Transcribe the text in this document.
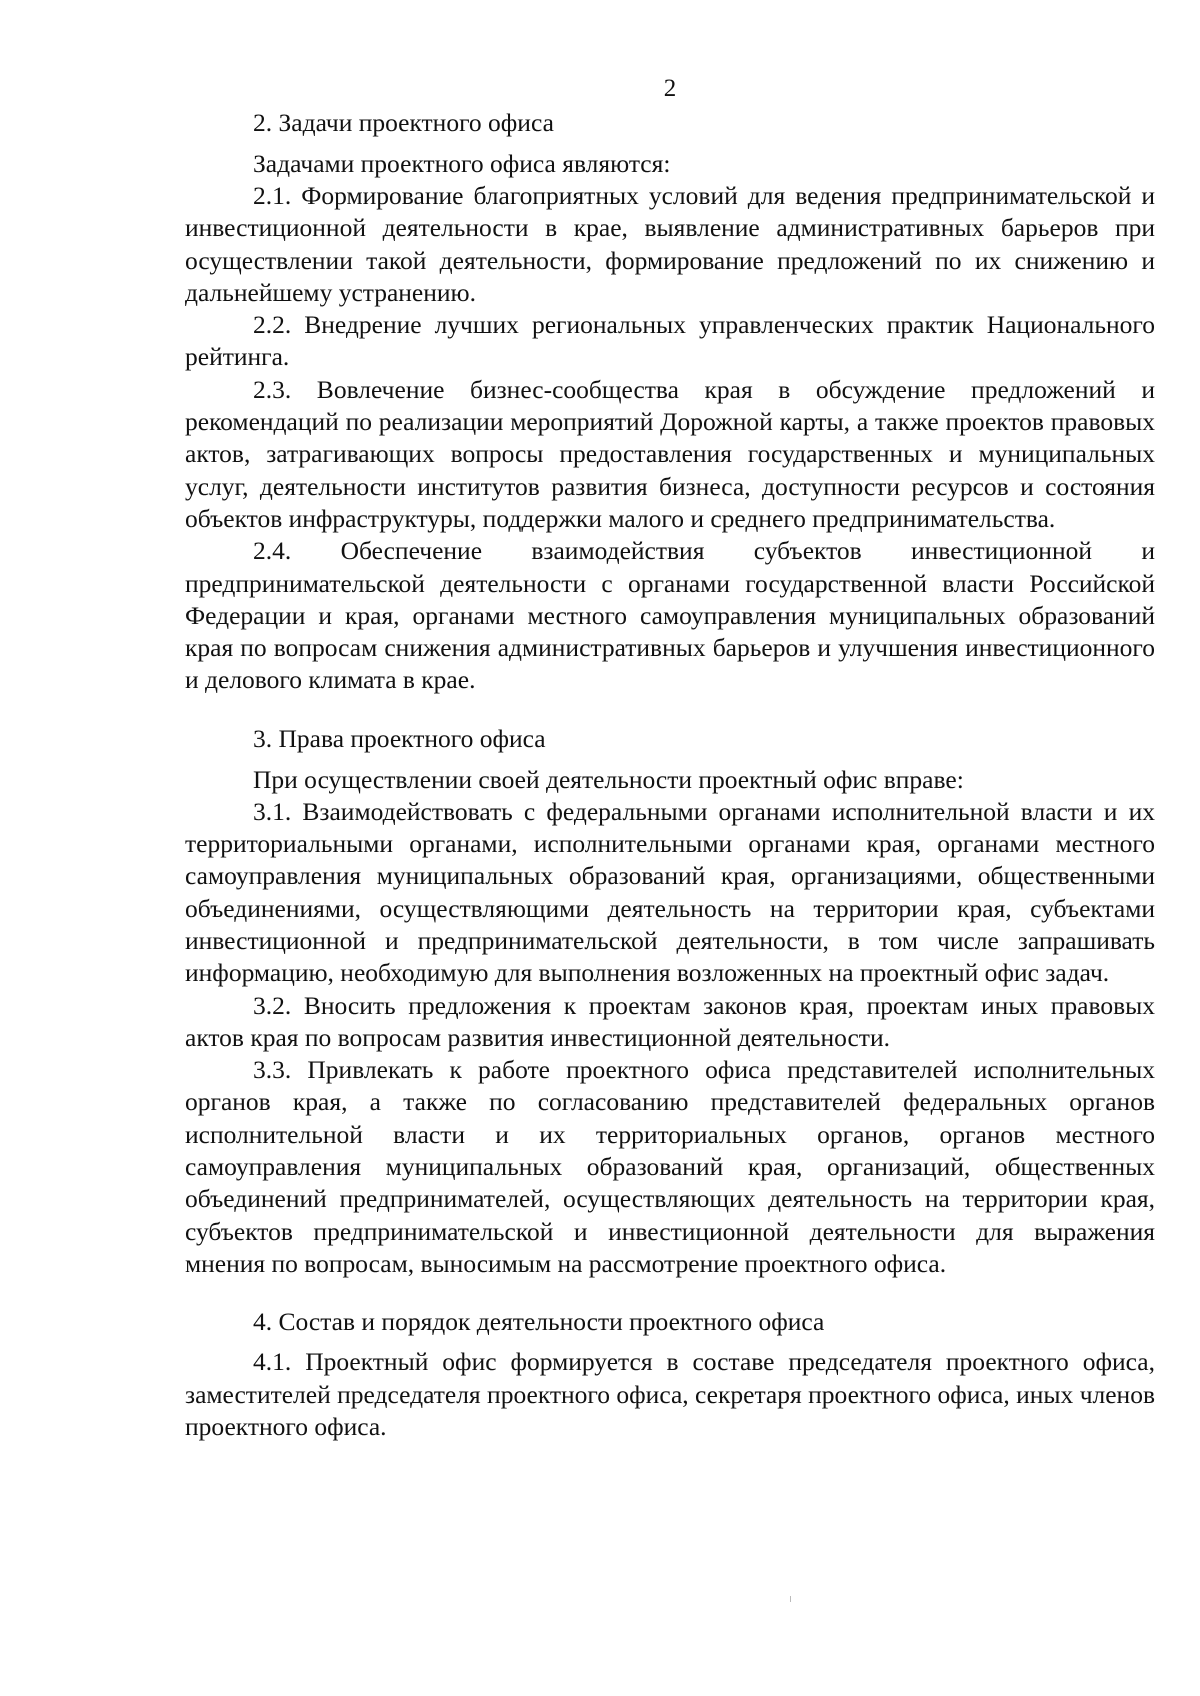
2

2. Задачи проектного офиса

Задачами проектного офиса являются:

2.1. Формирование благоприятных условий для ведения предпринимательской и инвестиционной деятельности в крае, выявление административных барьеров при осуществлении такой деятельности, формирование предложений по их снижению и дальнейшему устранению.

2.2. Внедрение лучших региональных управленческих практик Национального рейтинга.

2.3. Вовлечение бизнес-сообщества края в обсуждение предложений и рекомендаций по реализации мероприятий Дорожной карты, а также проектов правовых актов, затрагивающих вопросы предоставления государственных и муниципальных услуг, деятельности институтов развития бизнеса, доступности ресурсов и состояния объектов инфраструктуры, поддержки малого и среднего предпринимательства.

2.4. Обеспечение взаимодействия субъектов инвестиционной и предпринимательской деятельности с органами государственной власти Российской Федерации и края, органами местного самоуправления муниципальных образований края по вопросам снижения административных барьеров и улучшения инвестиционного и делового климата в крае.

3. Права проектного офиса

При осуществлении своей деятельности проектный офис вправе:

3.1. Взаимодействовать с федеральными органами исполнительной власти и их территориальными органами, исполнительными органами края, органами местного самоуправления муниципальных образований края, организациями, общественными объединениями, осуществляющими деятельность на территории края, субъектами инвестиционной и предпринимательской деятельности, в том числе запрашивать информацию, необходимую для выполнения возложенных на проектный офис задач.

3.2. Вносить предложения к проектам законов края, проектам иных правовых актов края по вопросам развития инвестиционной деятельности.

3.3. Привлекать к работе проектного офиса представителей исполнительных органов края, а также по согласованию представителей федеральных органов исполнительной власти и их территориальных органов, органов местного самоуправления муниципальных образований края, организаций, общественных объединений предпринимателей, осуществляющих деятельность на территории края, субъектов предпринимательской и инвестиционной деятельности для выражения мнения по вопросам, выносимым на рассмотрение проектного офиса.

4. Состав и порядок деятельности проектного офиса

4.1. Проектный офис формируется в составе председателя проектного офиса, заместителей председателя проектного офиса, секретаря проектного офиса, иных членов проектного офиса.
